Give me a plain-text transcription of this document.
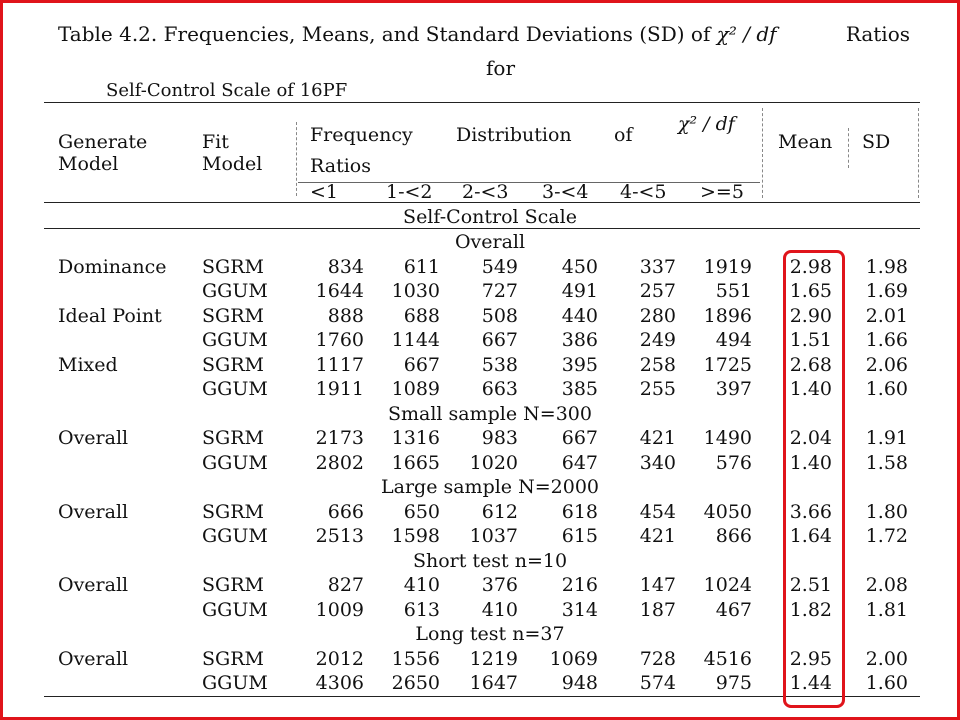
Table 4.2. Frequencies, Means, and Standard Deviations (SD) of χ² / df	Ratios
for
Self-Control Scale of 16PF
Generate
Model
Fit
Model
Frequency Distribution of χ² / df
Ratios
Mean SD
<1	1-<2 2-<3 3-<4 4-<5 >=5
Self-Control Scale
Overall
Dominance SGRM	834	611	549	450	337	1919	2.98	1.98
GGUM	1644	1030	727	491	257	551	1.65	1.69
Ideal Point SGRM	888	688	508	440	280	1896	2.90	2.01
GGUM	1760	1144	667	386	249	494	1.51	1.66
Mixed	SGRM	1117	667	538	395	258	1725	2.68	2.06
GGUM	1911	1089	663	385	255	397	1.40	1.60
Small sample N=300
Overall	SGRM	2173	1316	983	667	421	1490	2.04	1.91
GGUM	2802	1665	1020	647	340	576	1.40	1.58
Large sample N=2000
Overall	SGRM	666	650	612	618	454	4050	3.66	1.80
GGUM	2513	1598	1037	615	421	866	1.64	1.72
Short test n=10
Overall	SGRM	827	410	376	216	147	1024	2.51	2.08
GGUM	1009	613	410	314	187	467	1.82	1.81
Long test n=37
Overall	SGRM	2012	1556	1219	1069	728	4516	2.95	2.00
GGUM	4306	2650	1647	948	574	975	1.44	1.60
